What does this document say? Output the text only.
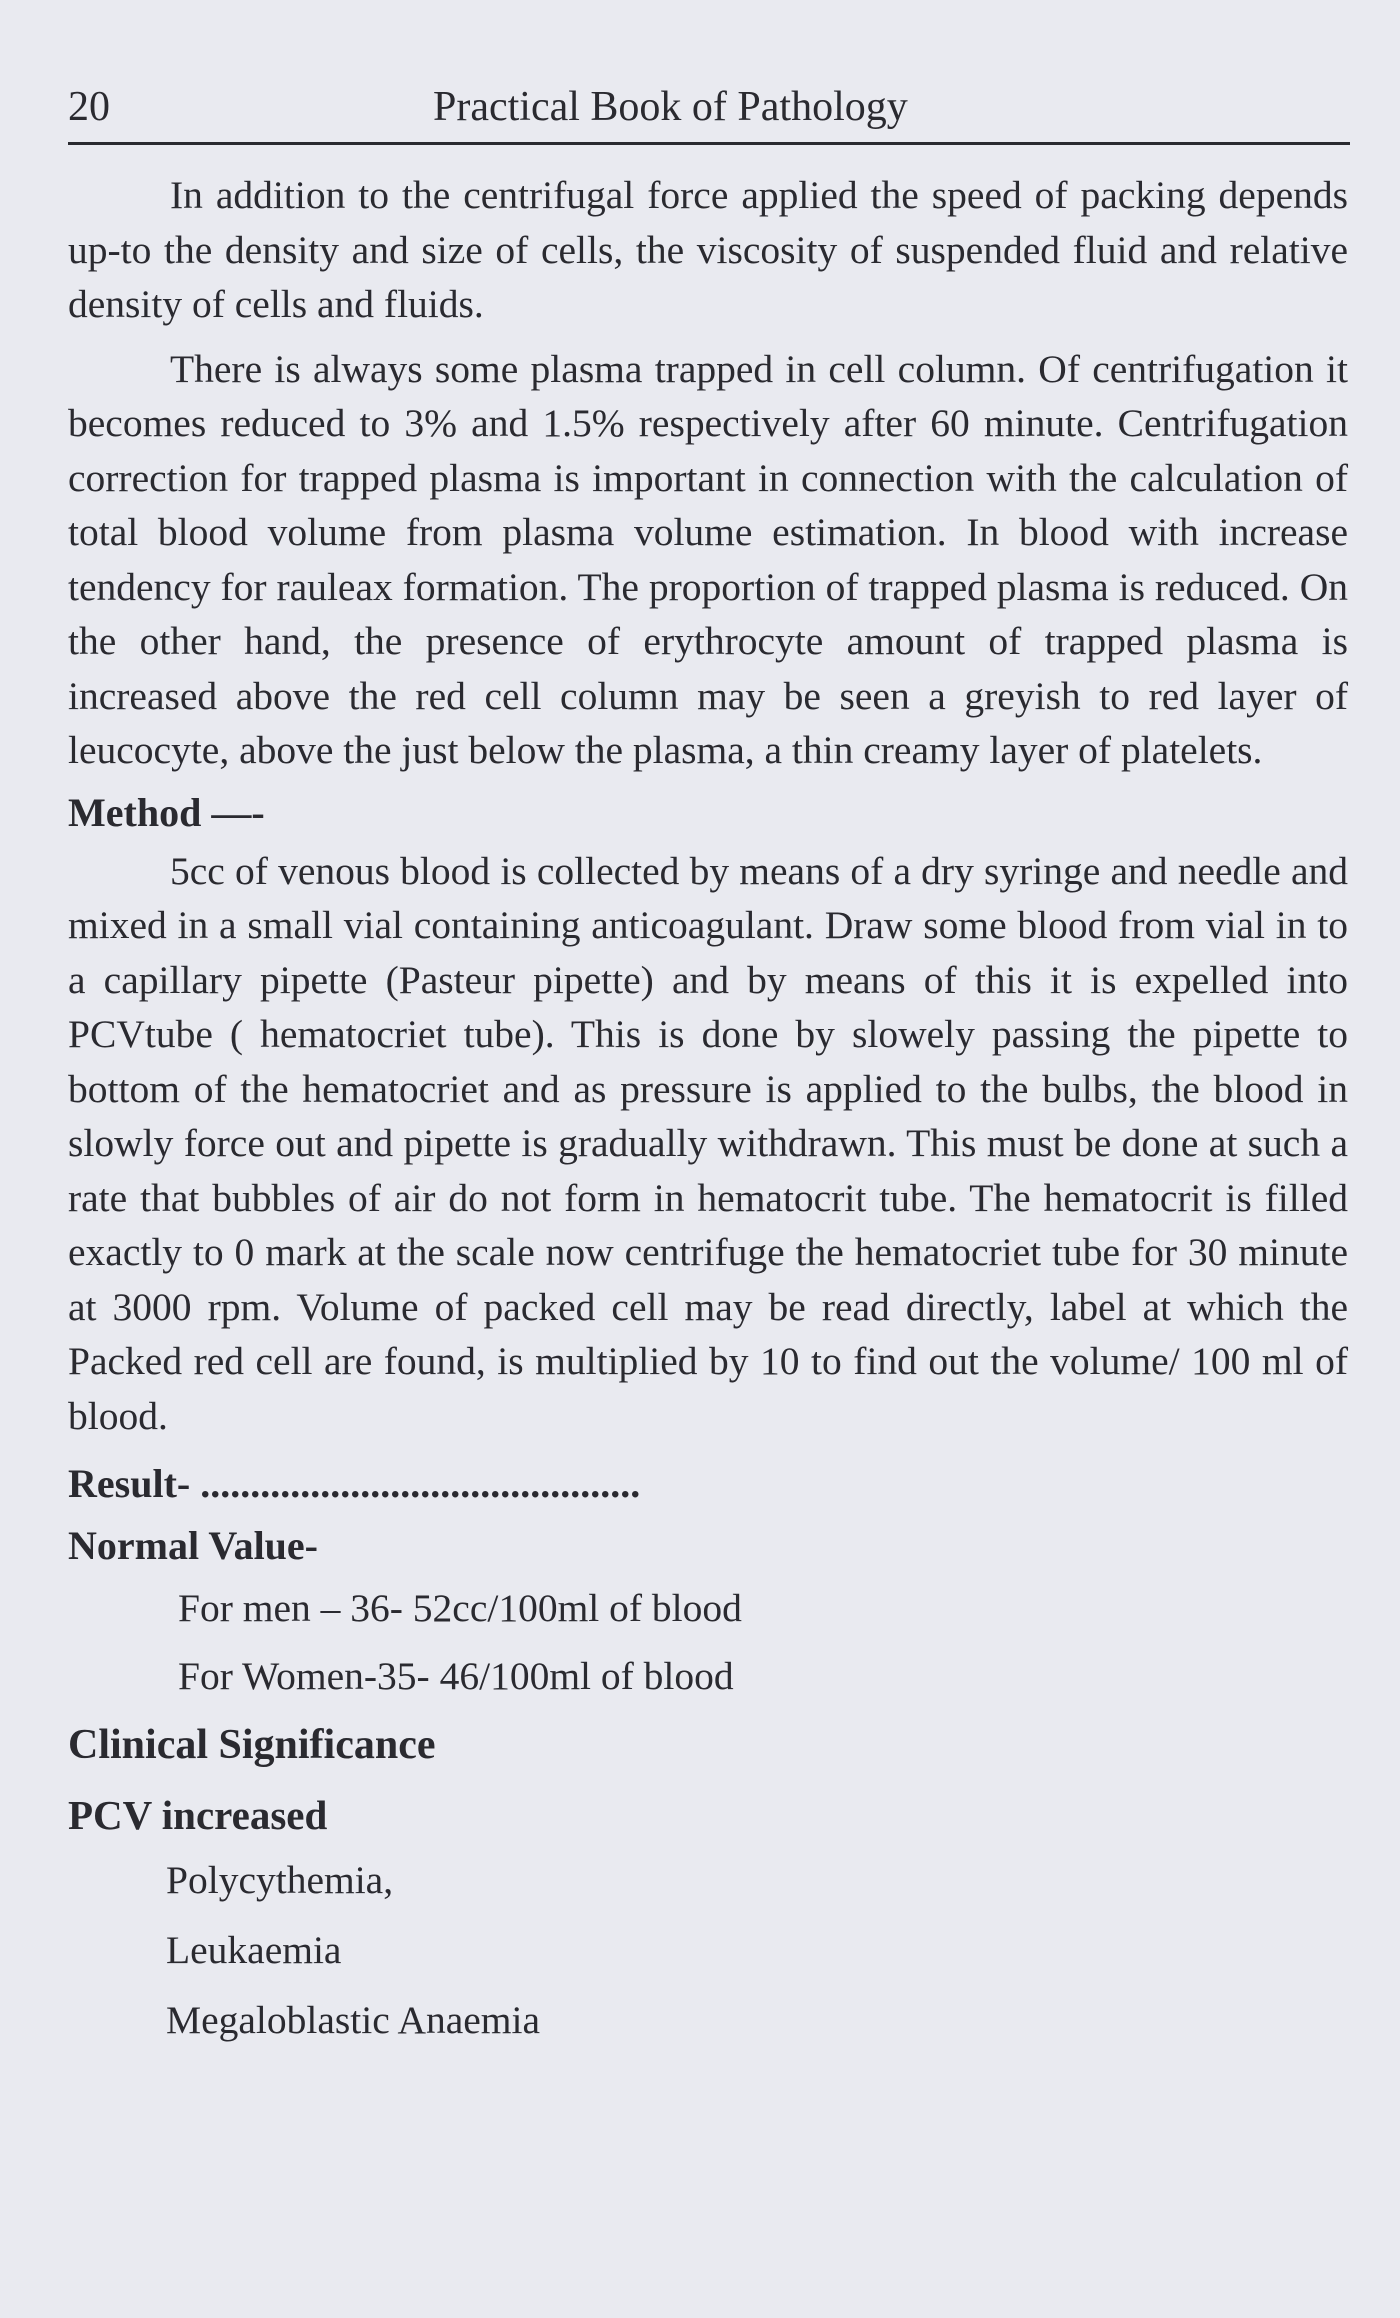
20	Practical Book of Pathology

In addition to the centrifugal force applied the speed of packing depends up-to the density and size of cells, the viscosity of suspended fluid and relative density of cells and fluids.

There is always some plasma trapped in cell column. Of centrifugation it becomes reduced to 3% and 1.5% respectively after 60 minute. Centrifugation correction for trapped plasma is important in connection with the calculation of total blood volume from plasma volume estimation. In blood with increase tendency for rauleax formation. The proportion of trapped plasma is reduced. On the other hand, the presence of erythrocyte amount of trapped plasma is increased above the red cell column may be seen a greyish to red layer of leucocyte, above the just below the plasma, a thin creamy layer of platelets.

Method —-

5cc of venous blood is collected by means of a dry syringe and needle and mixed in a small vial containing anticoagulant. Draw some blood from vial in to a capillary pipette (Pasteur pipette) and by means of this it is expelled into PCVtube ( hematocriet tube). This is done by slowely passing the pipette to bottom of the hematocriet and as pressure is applied to the bulbs, the blood in slowly force out and pipette is gradually withdrawn. This must be done at such a rate that bubbles of air do not form in hematocrit tube. The hematocrit is filled exactly to 0 mark at the scale now centrifuge the hematocriet tube for 30 minute at 3000 rpm. Volume of packed cell may be read directly, label at which the Packed red cell are found, is multiplied by 10 to find out the volume/ 100 ml of blood.

Result- ............................................
Normal Value-
For men – 36- 52cc/100ml of blood
For Women-35- 46/100ml of blood
Clinical Significance
PCV increased
Polycythemia,
Leukaemia
Megaloblastic Anaemia
